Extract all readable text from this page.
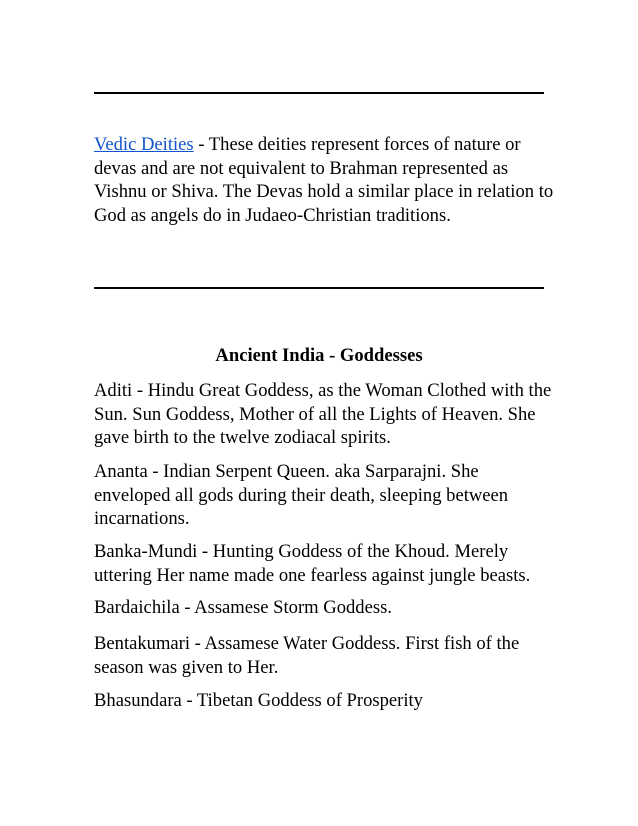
Vedic Deities - These deities represent forces of nature or devas and are not equivalent to Brahman represented as Vishnu or Shiva. The Devas hold a similar place in relation to God as angels do in Judaeo-Christian traditions.

Ancient India - Goddesses

Aditi - Hindu Great Goddess, as the Woman Clothed with the Sun. Sun Goddess, Mother of all the Lights of Heaven. She gave birth to the twelve zodiacal spirits.

Ananta - Indian Serpent Queen. aka Sarparajni. She enveloped all gods during their death, sleeping between incarnations.

Banka-Mundi - Hunting Goddess of the Khoud. Merely uttering Her name made one fearless against jungle beasts.

Bardaichila - Assamese Storm Goddess.

Bentakumari - Assamese Water Goddess. First fish of the season was given to Her.

Bhasundara - Tibetan Goddess of Prosperity
